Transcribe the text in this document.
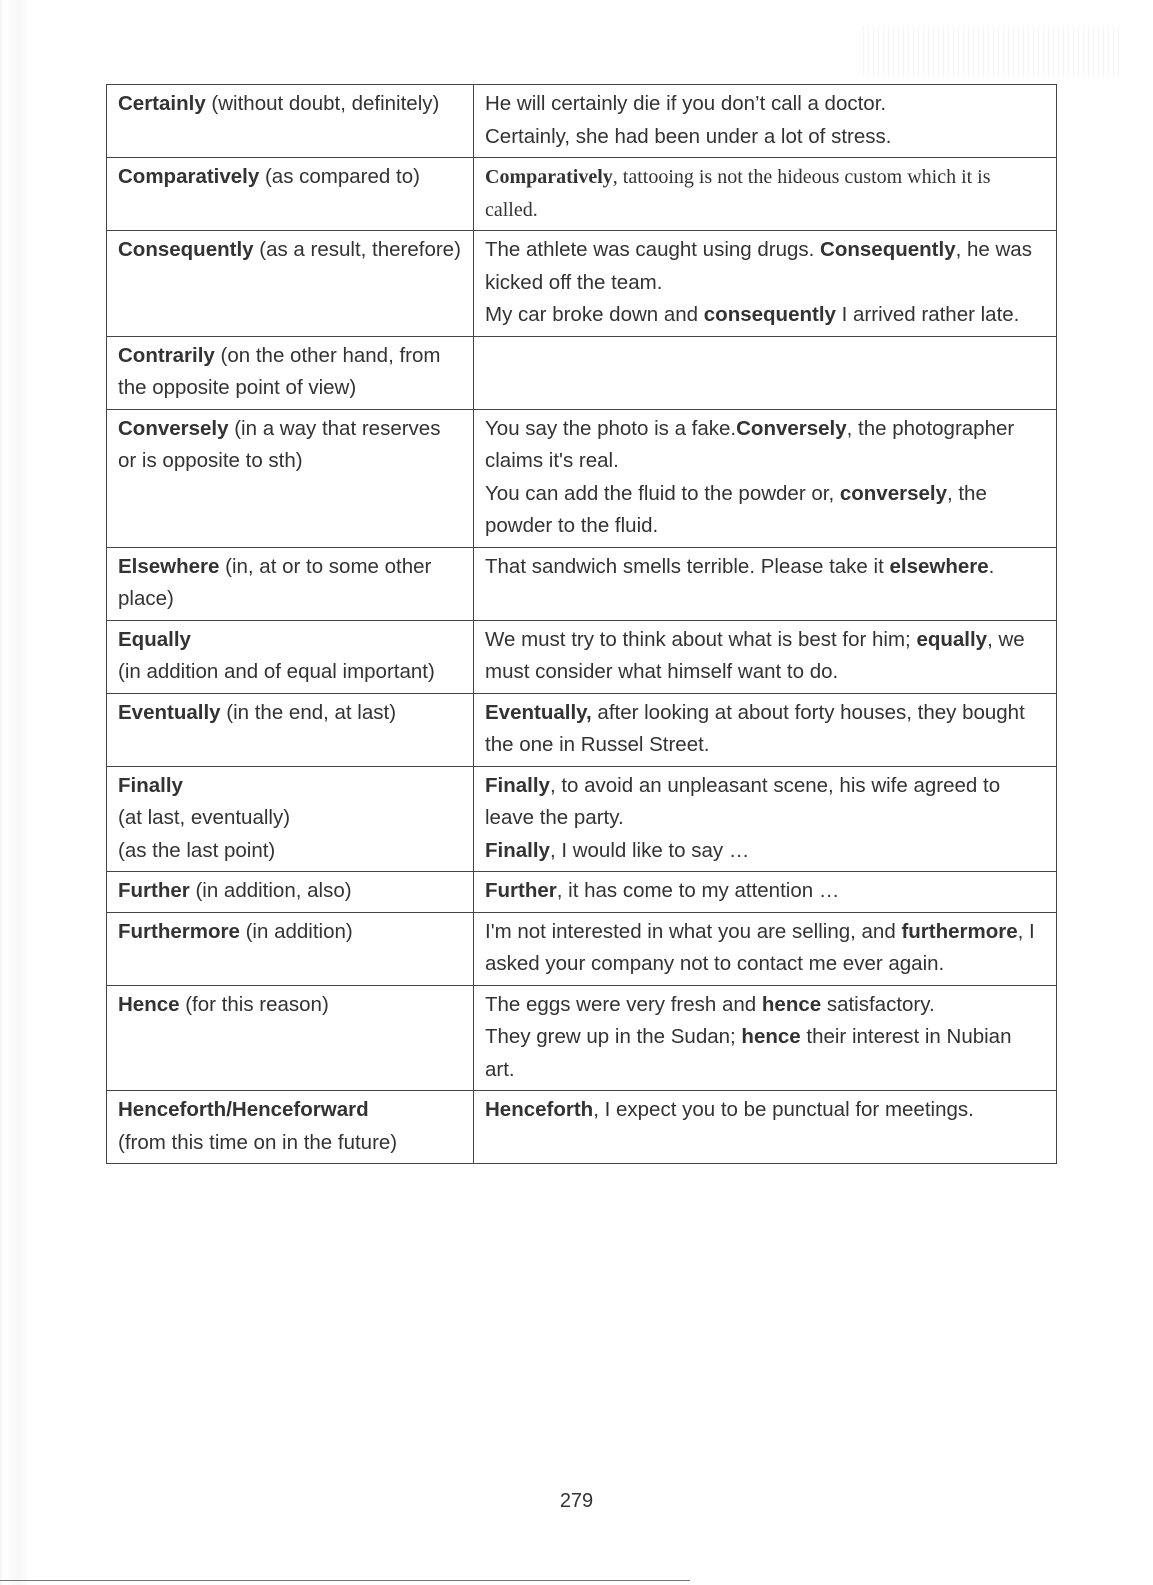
Certainly (without doubt, definitely)	He will certainly die if you don’t call a doctor.
Certainly, she had been under a lot of stress.

Comparatively (as compared to)	Comparatively, tattooing is not the hideous custom which it is called.

Consequently (as a result, therefore)	The athlete was caught using drugs. Consequently, he was kicked off the team.
My car broke down and consequently I arrived rather late.

Contrarily (on the other hand, from the opposite point of view)	
Conversely (in a way that reserves or is opposite to sth)	You say the photo is a fake.Conversely, the photographer claims it's real.
You can add the fluid to the powder or, conversely, the powder to the fluid.

Elsewhere (in, at or to some other place)	That sandwich smells terrible. Please take it elsewhere.

Equally
(in addition and of equal important)	We must try to think about what is best for him; equally, we must consider what himself want to do.

Eventually (in the end, at last)	Eventually, after looking at about forty houses, they bought the one in Russel Street.

Finally
(at last, eventually)
(as the last point)	Finally, to avoid an unpleasant scene, his wife agreed to leave the party.
Finally, I would like to say …

Further (in addition, also)	Further, it has come to my attention …

Furthermore (in addition)	I'm not interested in what you are selling, and furthermore, I asked your company not to contact me ever again.

Hence (for this reason)	The eggs were very fresh and hence satisfactory.
They grew up in the Sudan; hence their interest in Nubian art.

Henceforth/Henceforward
(from this time on in the future)	Henceforth, I expect you to be punctual for meetings.
279
